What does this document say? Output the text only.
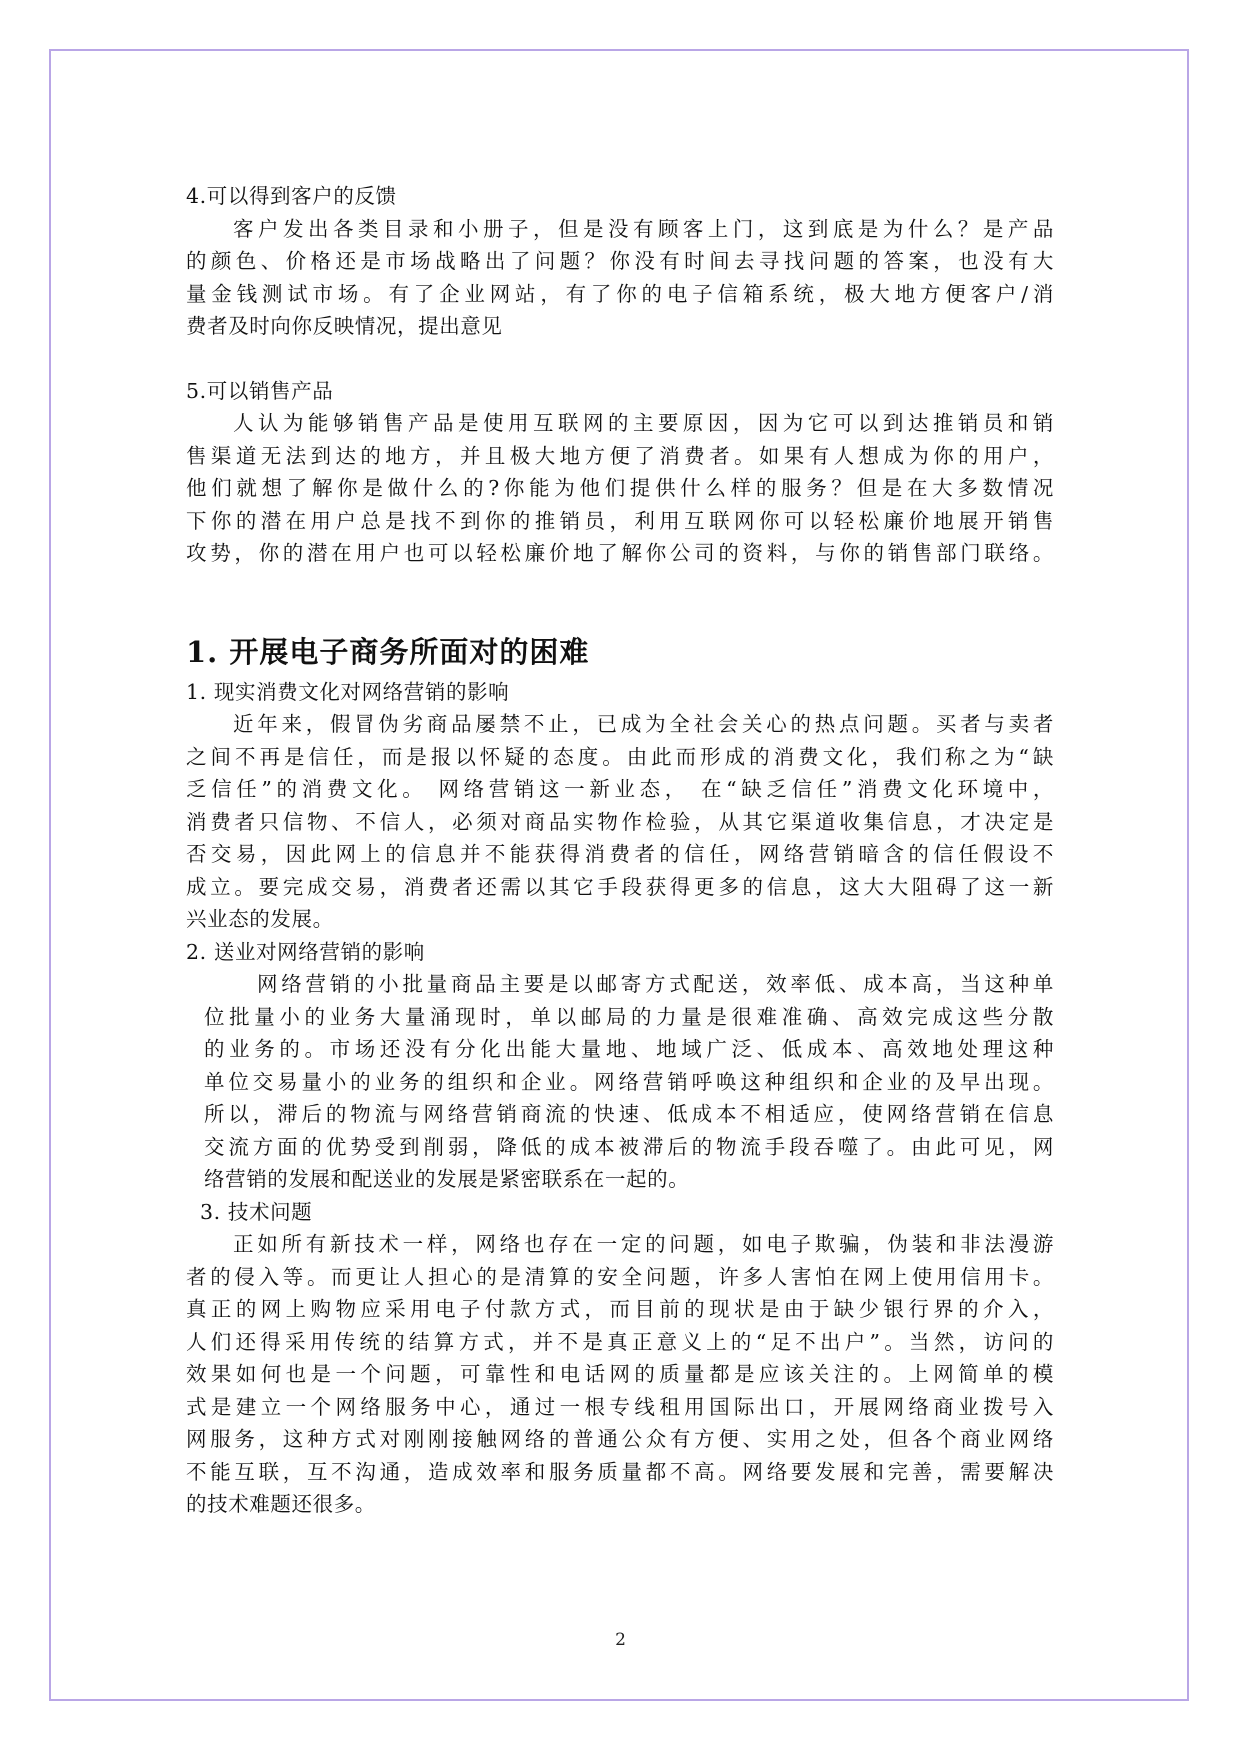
4.可以得到客户的反馈
客户发出各类目录和小册子，但是没有顾客上门，这到底是为什么？是产品
的颜色、价格还是市场战略出了问题？你没有时间去寻找问题的答案，也没有大
量金钱测试市场。有了企业网站，有了你的电子信箱系统，极大地方便客户/消
费者及时向你反映情况，提出意见
5.可以销售产品
人认为能够销售产品是使用互联网的主要原因，因为它可以到达推销员和销
售渠道无法到达的地方，并且极大地方便了消费者。如果有人想成为你的用户，
他们就想了解你是做什么的?你能为他们提供什么样的服务？但是在大多数情况
下你的潜在用户总是找不到你的推销员，利用互联网你可以轻松廉价地展开销售
攻势，你的潜在用户也可以轻松廉价地了解你公司的资料，与你的销售部门联络。
1. 开展电子商务所面对的困难
1. 现实消费文化对网络营销的影响
近年来，假冒伪劣商品屡禁不止，已成为全社会关心的热点问题。买者与卖者
之间不再是信任，而是报以怀疑的态度。由此而形成的消费文化，我们称之为“缺
乏信任”的消费文化。 网络营销这一新业态， 在“缺乏信任”消费文化环境中，
消费者只信物、不信人，必须对商品实物作检验，从其它渠道收集信息，才决定是
否交易，因此网上的信息并不能获得消费者的信任，网络营销暗含的信任假设不
成立。要完成交易，消费者还需以其它手段获得更多的信息，这大大阻碍了这一新
兴业态的发展。
2. 送业对网络营销的影响
网络营销的小批量商品主要是以邮寄方式配送，效率低、成本高，当这种单
位批量小的业务大量涌现时，单以邮局的力量是很难准确、高效完成这些分散
的业务的。市场还没有分化出能大量地、地域广泛、低成本、高效地处理这种
单位交易量小的业务的组织和企业。网络营销呼唤这种组织和企业的及早出现。
所以，滞后的物流与网络营销商流的快速、低成本不相适应，使网络营销在信息
交流方面的优势受到削弱，降低的成本被滞后的物流手段吞噬了。由此可见，网
络营销的发展和配送业的发展是紧密联系在一起的。
3. 技术问题
正如所有新技术一样，网络也存在一定的问题，如电子欺骗，伪装和非法漫游
者的侵入等。而更让人担心的是清算的安全问题，许多人害怕在网上使用信用卡。
真正的网上购物应采用电子付款方式，而目前的现状是由于缺少银行界的介入，
人们还得采用传统的结算方式，并不是真正意义上的“足不出户”。当然，访问的
效果如何也是一个问题，可靠性和电话网的质量都是应该关注的。上网简单的模
式是建立一个网络服务中心，通过一根专线租用国际出口，开展网络商业拨号入
网服务，这种方式对刚刚接触网络的普通公众有方便、实用之处，但各个商业网络
不能互联，互不沟通，造成效率和服务质量都不高。网络要发展和完善，需要解决
的技术难题还很多。
2
